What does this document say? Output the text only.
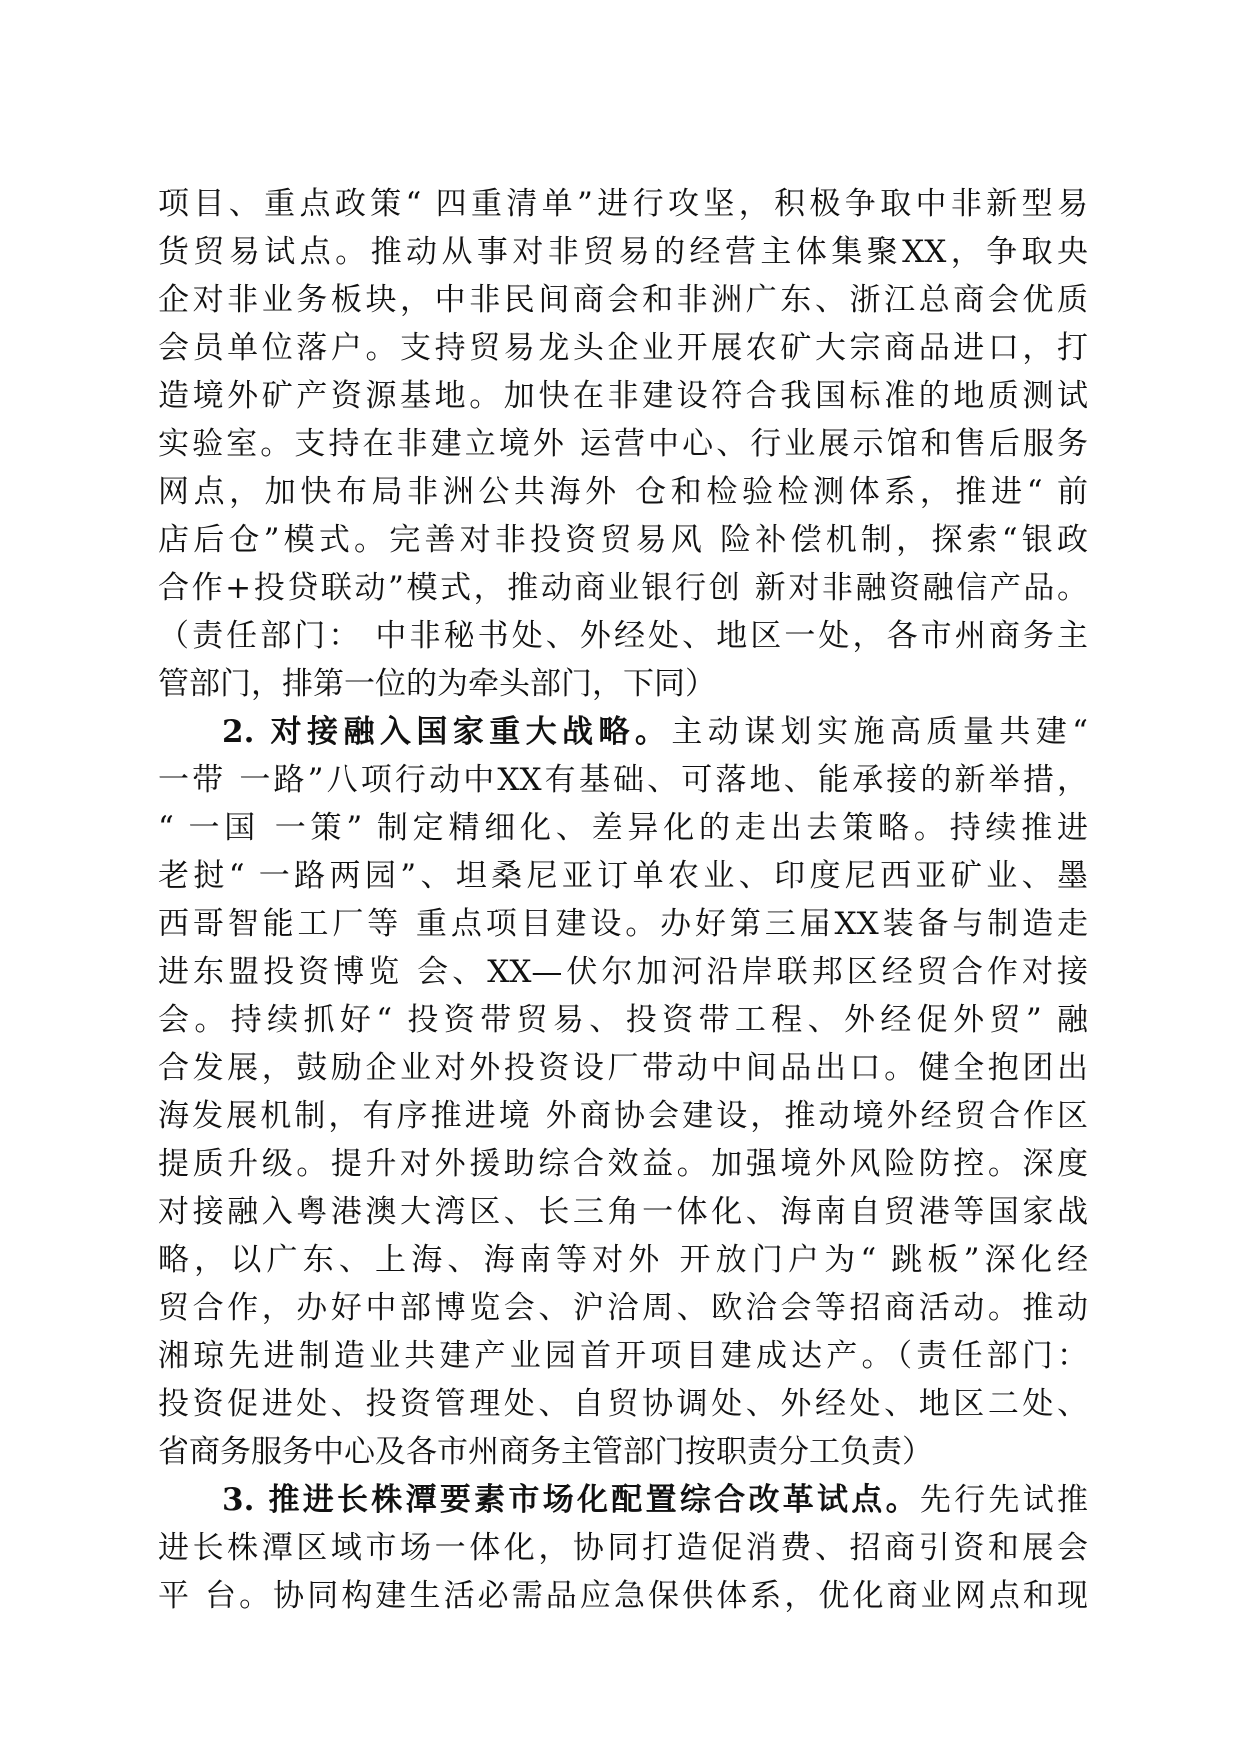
项目、重点政策“ 四重清单”进行攻坚，积极争取中非新型易
货贸易试点。推动从事对非贸易的经营主体集聚XX，争取央
企对非业务板块，中非民间商会和非洲广东、浙江总商会优质
会员单位落户。支持贸易龙头企业开展农矿大宗商品进口，打
造境外矿产资源基地。加快在非建设符合我国标准的地质测试
实验室。支持在非建立境外 运营中心、行业展示馆和售后服务
网点，加快布局非洲公共海外 仓和检验检测体系，推进“ 前
店后仓”模式。完善对非投资贸易风 险补偿机制，探索“银政
合作+投贷联动”模式，推动商业银行创 新对非融资融信产品。
（责任部门： 中非秘书处、外经处、地区一处，各市州商务主
管部门，排第一位的为牵头部门，下同）
2. 对接融入国家重大战略。主动谋划实施高质量共建“
一带 一路”八项行动中XX有基础、可落地、能承接的新举措，
“ 一国 一策” 制定精细化、差异化的走出去策略。持续推进
老挝“ 一路两园”、坦桑尼亚订单农业、印度尼西亚矿业、墨
西哥智能工厂等 重点项目建设。办好第三届XX装备与制造走
进东盟投资博览 会、XX—伏尔加河沿岸联邦区经贸合作对接
会。持续抓好“ 投资带贸易、投资带工程、外经促外贸” 融
合发展，鼓励企业对外投资设厂带动中间品出口。健全抱团出
海发展机制，有序推进境 外商协会建设，推动境外经贸合作区
提质升级。提升对外援助综合效益。加强境外风险防控。深度
对接融入粤港澳大湾区、长三角一体化、海南自贸港等国家战
略，以广东、上海、海南等对外 开放门户为“ 跳板”深化经
贸合作，办好中部博览会、沪洽周、欧洽会等招商活动。推动
湘琼先进制造业共建产业园首开项目建成达产。（责任部门：
投资促进处、投资管理处、自贸协调处、外经处、地区二处、
省商务服务中心及各市州商务主管部门按职责分工负责）
3. 推进长株潭要素市场化配置综合改革试点。先行先试推
进长株潭区域市场一体化，协同打造促消费、招商引资和展会
平 台。协同构建生活必需品应急保供体系，优化商业网点和现
